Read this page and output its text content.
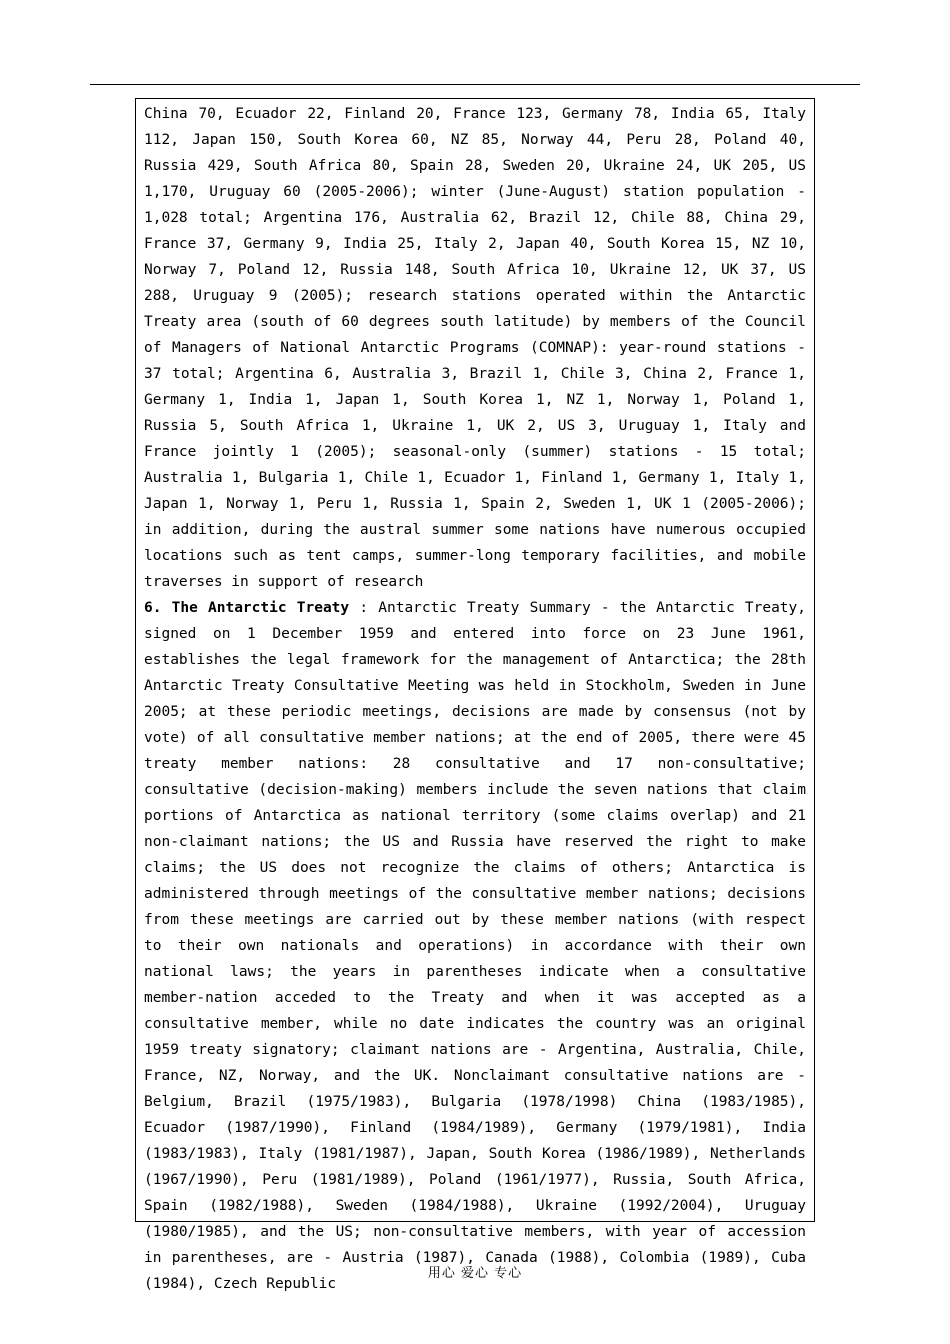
China 70, Ecuador 22, Finland 20, France 123, Germany 78, India 65, Italy 112, Japan 150, South Korea 60, NZ 85, Norway 44, Peru 28, Poland 40, Russia 429, South Africa 80, Spain 28, Sweden 20, Ukraine 24, UK 205, US 1,170, Uruguay 60 (2005-2006); winter (June-August) station population - 1,028 total; Argentina 176, Australia 62, Brazil 12, Chile 88, China 29, France 37, Germany 9, India 25, Italy 2, Japan 40, South Korea 15, NZ 10, Norway 7, Poland 12, Russia 148, South Africa 10, Ukraine 12, UK 37, US 288, Uruguay 9 (2005); research stations operated within the Antarctic Treaty area (south of 60 degrees south latitude) by members of the Council of Managers of National Antarctic Programs (COMNAP): year-round stations - 37 total; Argentina 6, Australia 3, Brazil 1, Chile 3, China 2, France 1, Germany 1, India 1, Japan 1, South Korea 1, NZ 1, Norway 1, Poland 1, Russia 5, South Africa 1, Ukraine 1, UK 2, US 3, Uruguay 1, Italy and France jointly 1 (2005); seasonal-only (summer) stations - 15 total; Australia 1, Bulgaria 1, Chile 1, Ecuador 1, Finland 1, Germany 1, Italy 1, Japan 1, Norway 1, Peru 1, Russia 1, Spain 2, Sweden 1, UK 1 (2005-2006); in addition, during the austral summer some nations have numerous occupied locations such as tent camps, summer-long temporary facilities, and mobile traverses in support of research

6. The Antarctic Treaty : Antarctic Treaty Summary - the Antarctic Treaty, signed on 1 December 1959 and entered into force on 23 June 1961, establishes the legal framework for the management of Antarctica; the 28th Antarctic Treaty Consultative Meeting was held in Stockholm, Sweden in June 2005; at these periodic meetings, decisions are made by consensus (not by vote) of all consultative member nations; at the end of 2005, there were 45 treaty member nations: 28 consultative and 17 non-consultative; consultative (decision-making) members include the seven nations that claim portions of Antarctica as national territory (some claims overlap) and 21 non-claimant nations; the US and Russia have reserved the right to make claims; the US does not recognize the claims of others; Antarctica is administered through meetings of the consultative member nations; decisions from these meetings are carried out by these member nations (with respect to their own nationals and operations) in accordance with their own national laws; the years in parentheses indicate when a consultative member-nation acceded to the Treaty and when it was accepted as a consultative member, while no date indicates the country was an original 1959 treaty signatory; claimant nations are - Argentina, Australia, Chile, France, NZ, Norway, and the UK. Nonclaimant consultative nations are - Belgium, Brazil (1975/1983), Bulgaria (1978/1998) China (1983/1985), Ecuador (1987/1990), Finland (1984/1989), Germany (1979/1981), India (1983/1983), Italy (1981/1987), Japan, South Korea (1986/1989), Netherlands (1967/1990), Peru (1981/1989), Poland (1961/1977), Russia, South Africa, Spain (1982/1988), Sweden (1984/1988), Ukraine (1992/2004), Uruguay (1980/1985), and the US; non-consultative members, with year of accession in parentheses, are - Austria (1987), Canada (1988), Colombia (1989), Cuba (1984), Czech Republic

用心 爱心 专心
